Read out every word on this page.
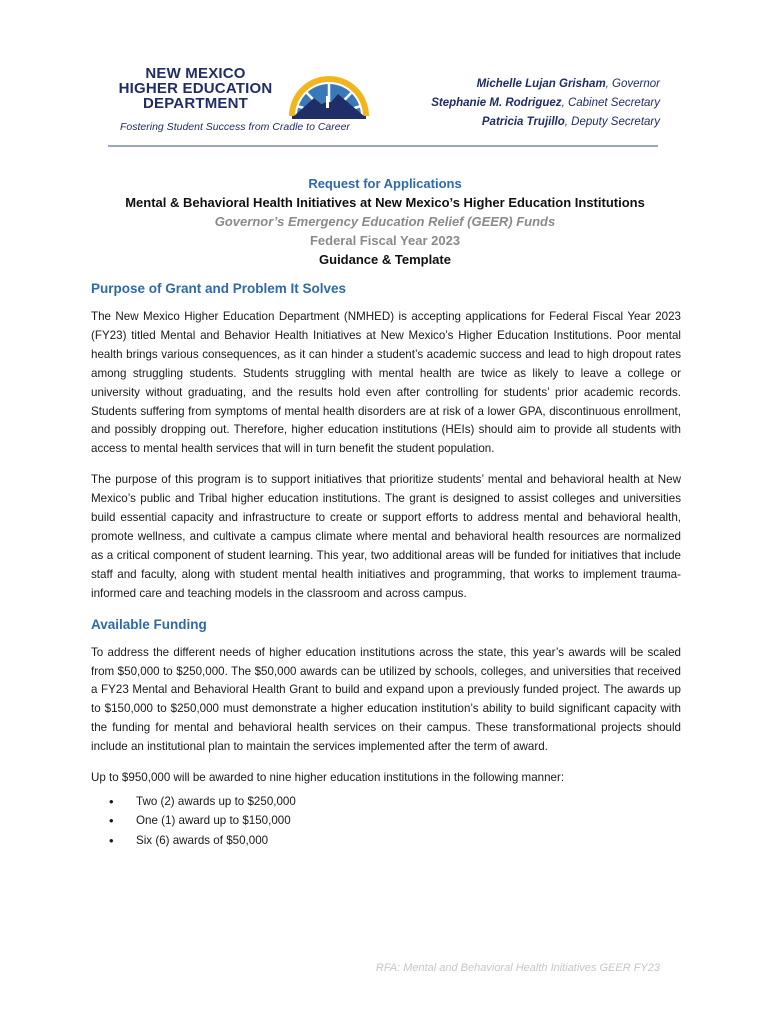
NEW MEXICO
HIGHER EDUCATION
DEPARTMENT
Fostering Student Success from Cradle to Career
Michelle Lujan Grisham, Governor
Stephanie M. Rodriguez, Cabinet Secretary
Patricia Trujillo, Deputy Secretary
Request for Applications
Mental & Behavioral Health Initiatives at New Mexico’s Higher Education Institutions
Governor’s Emergency Education Relief (GEER) Funds
Federal Fiscal Year 2023
Guidance & Template
Purpose of Grant and Problem It Solves

The New Mexico Higher Education Department (NMHED) is accepting applications for Federal Fiscal Year 2023 (FY23) titled Mental and Behavior Health Initiatives at New Mexico’s Higher Education Institutions. Poor mental health brings various consequences, as it can hinder a student’s academic success and lead to high dropout rates among struggling students. Students struggling with mental health are twice as likely to leave a college or university without graduating, and the results hold even after controlling for students’ prior academic records. Students suffering from symptoms of mental health disorders are at risk of a lower GPA, discontinuous enrollment, and possibly dropping out. Therefore, higher education institutions (HEIs) should aim to provide all students with access to mental health services that will in turn benefit the student population.

The purpose of this program is to support initiatives that prioritize students’ mental and behavioral health at New Mexico’s public and Tribal higher education institutions. The grant is designed to assist colleges and universities build essential capacity and infrastructure to create or support efforts to address mental and behavioral health, promote wellness, and cultivate a campus climate where mental and behavioral health resources are normalized as a critical component of student learning. This year, two additional areas will be funded for initiatives that include staff and faculty, along with student mental health initiatives and programming, that works to implement trauma-informed care and teaching models in the classroom and across campus.

Available Funding

To address the different needs of higher education institutions across the state, this year’s awards will be scaled from $50,000 to $250,000. The $50,000 awards can be utilized by schools, colleges, and universities that received a FY23 Mental and Behavioral Health Grant to build and expand upon a previously funded project. The awards up to $150,000 to $250,000 must demonstrate a higher education institution’s ability to build significant capacity with the funding for mental and behavioral health services on their campus. These transformational projects should include an institutional plan to maintain the services implemented after the term of award.

Up to $950,000 will be awarded to nine higher education institutions in the following manner:

• Two (2) awards up to $250,000
• One (1) award up to $150,000
• Six (6) awards of $50,000
RFA: Mental and Behavioral Health Initiatives GEER FY23
